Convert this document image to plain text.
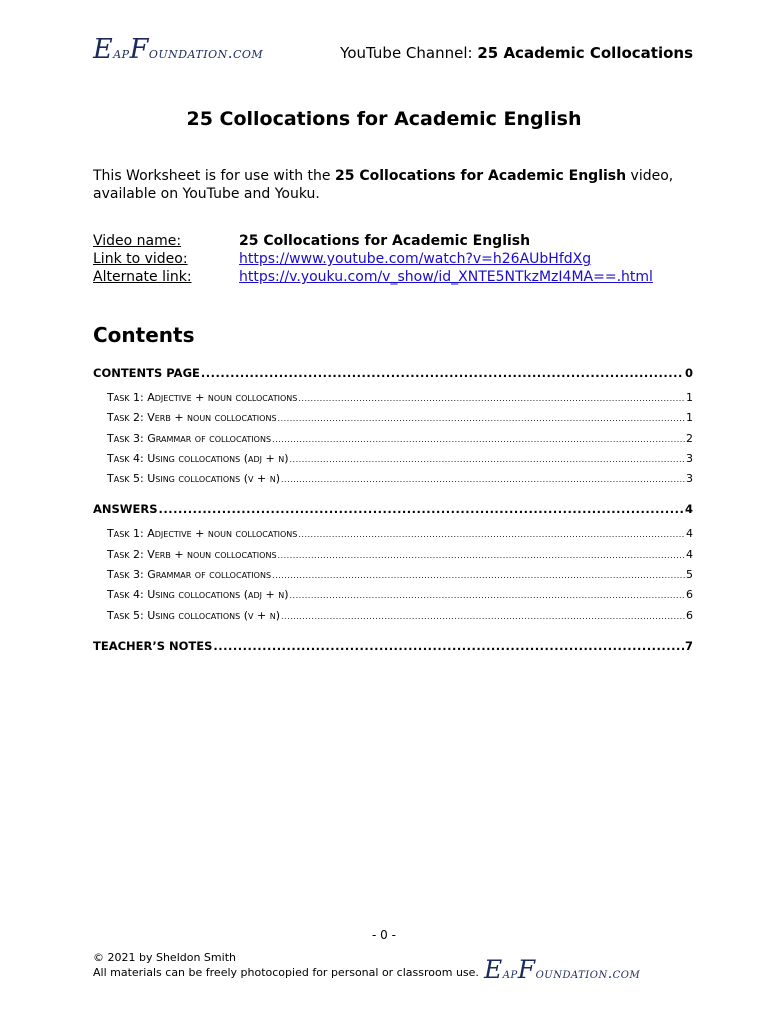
EapFoundation.com	YouTube Channel: 25 Academic Collocations
25 Collocations for Academic English
This Worksheet is for use with the 25 Collocations for Academic English video, available on YouTube and Youku.
Video name:	25 Collocations for Academic English
Link to video:	https://www.youtube.com/watch?v=h26AUbHfdXg
Alternate link:	https://v.youku.com/v_show/id_XNTE5NTkzMzI4MA==.html
Contents
CONTENTS PAGE .....	0
Task 1: Adjective + noun collocations .....	1
Task 2: Verb + noun collocations .....	1
Task 3: Grammar of collocations .....	2
Task 4: Using collocations (adj + n) .....	3
Task 5: Using collocations (v + n) .....	3
ANSWERS .....	4
Task 1: Adjective + noun collocations .....	4
Task 2: Verb + noun collocations .....	4
Task 3: Grammar of collocations .....	5
Task 4: Using collocations (adj + n) .....	6
Task 5: Using collocations (v + n) .....	6
TEACHER’S NOTES .....	7
- 0 -
© 2021 by Sheldon Smith
All materials can be freely photocopied for personal or classroom use. EapFoundation.com
